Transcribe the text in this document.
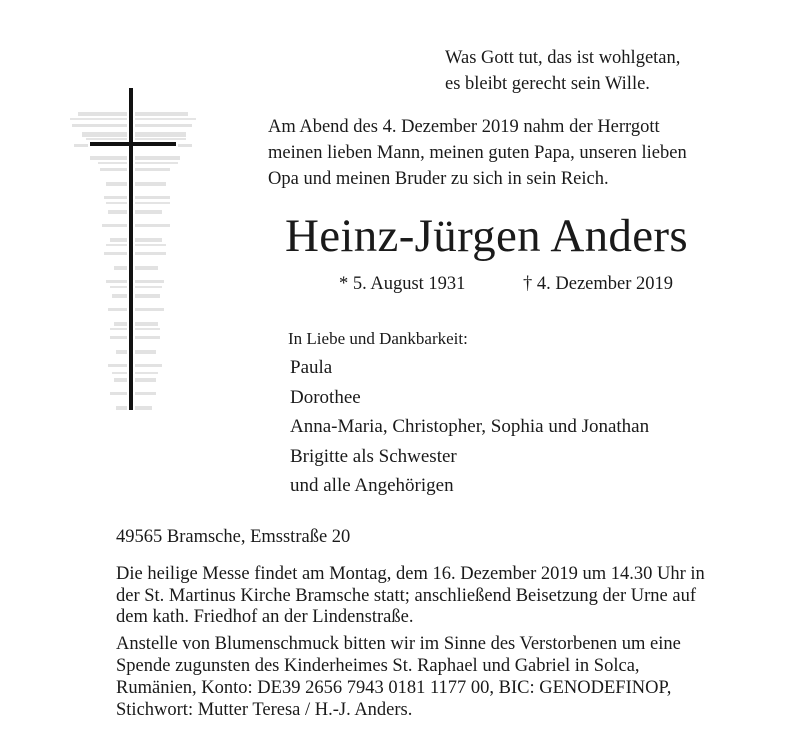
Was Gott tut, das ist wohlgetan,
es bleibt gerecht sein Wille.
Am Abend des 4. Dezember 2019 nahm der Herrgott
meinen lieben Mann, meinen guten Papa, unseren lieben
Opa und meinen Bruder zu sich in sein Reich.
Heinz-Jürgen Anders
* 5. August 1931	† 4. Dezember 2019
In Liebe und Dankbarkeit:
Paula
Dorothee
Anna-Maria, Christopher, Sophia und Jonathan
Brigitte als Schwester
und alle Angehörigen
49565 Bramsche, Emsstraße 20
Die heilige Messe findet am Montag, dem 16. Dezember 2019 um 14.30 Uhr in
der St. Martinus Kirche Bramsche statt; anschließend Beisetzung der Urne auf
dem kath. Friedhof an der Lindenstraße.
Anstelle von Blumenschmuck bitten wir im Sinne des Verstorbenen um eine
Spende zugunsten des Kinderheimes St. Raphael und Gabriel in Solca,
Rumänien, Konto: DE39 2656 7943 0181 1177 00, BIC: GENODEFINOP,
Stichwort: Mutter Teresa / H.-J. Anders.
